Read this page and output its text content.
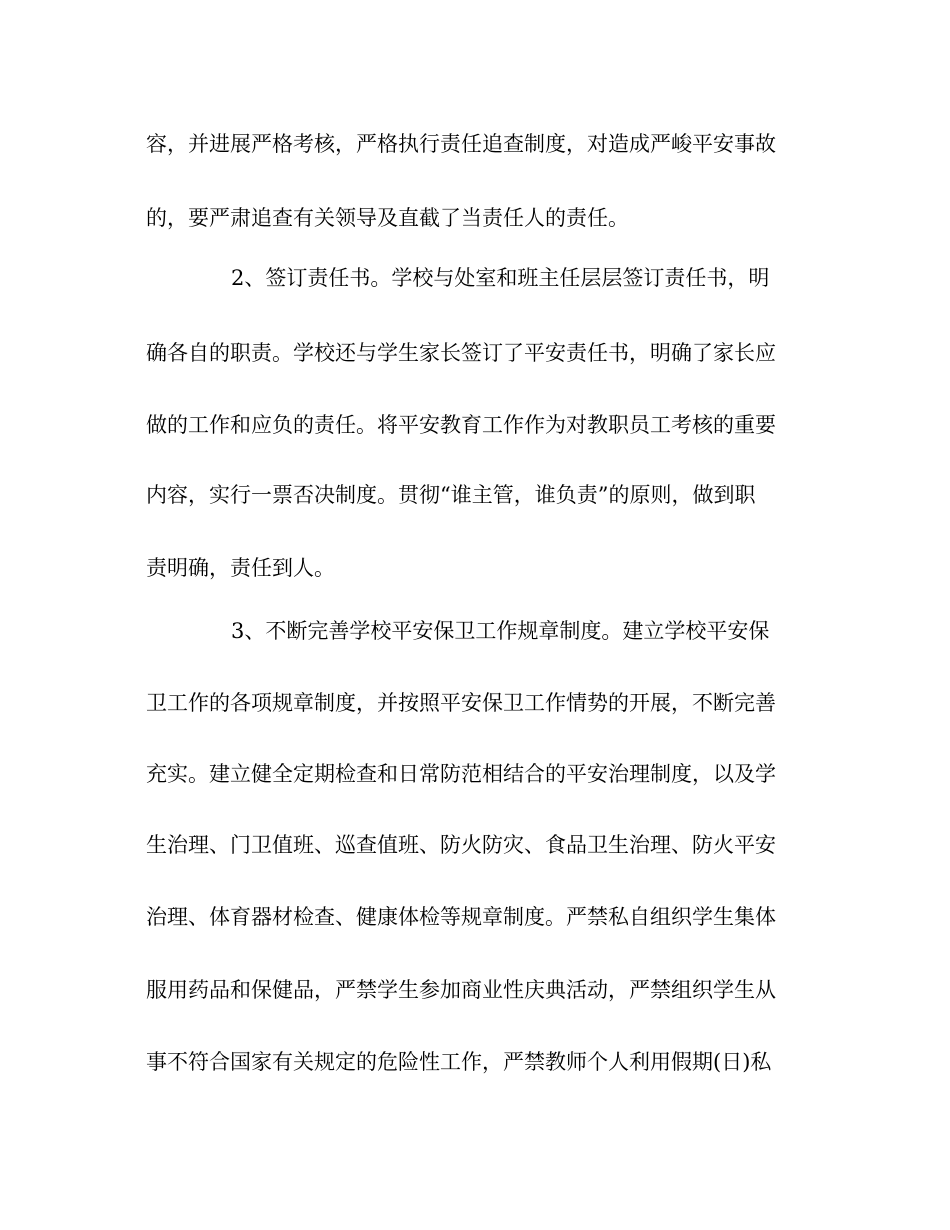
容，并进展严格考核，严格执行责任追查制度，对造成严峻平安事故
的，要严肃追查有关领导及直截了当责任人的责任。
2、签订责任书。学校与处室和班主任层层签订责任书，明
确各自的职责。学校还与学生家长签订了平安责任书，明确了家长应
做的工作和应负的责任。将平安教育工作作为对教职员工考核的重要
内容，实行一票否决制度。贯彻“谁主管，谁负责”的原则，做到职
责明确，责任到人。
3、不断完善学校平安保卫工作规章制度。建立学校平安保
卫工作的各项规章制度，并按照平安保卫工作情势的开展，不断完善
充实。建立健全定期检查和日常防范相结合的平安治理制度，以及学
生治理、门卫值班、巡查值班、防火防灾、食品卫生治理、防火平安
治理、体育器材检查、健康体检等规章制度。严禁私自组织学生集体
服用药品和保健品，严禁学生参加商业性庆典活动，严禁组织学生从
事不符合国家有关规定的危险性工作，严禁教师个人利用假期(日)私
